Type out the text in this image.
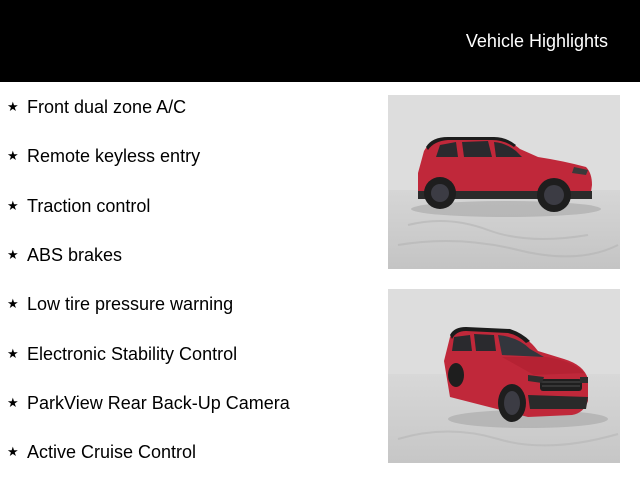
Vehicle Highlights
★ Front dual zone A/C
★ Remote keyless entry
★ Traction control
★ ABS brakes
★ Low tire pressure warning
★ Electronic Stability Control
★ ParkView Rear Back-Up Camera
★ Active Cruise Control
